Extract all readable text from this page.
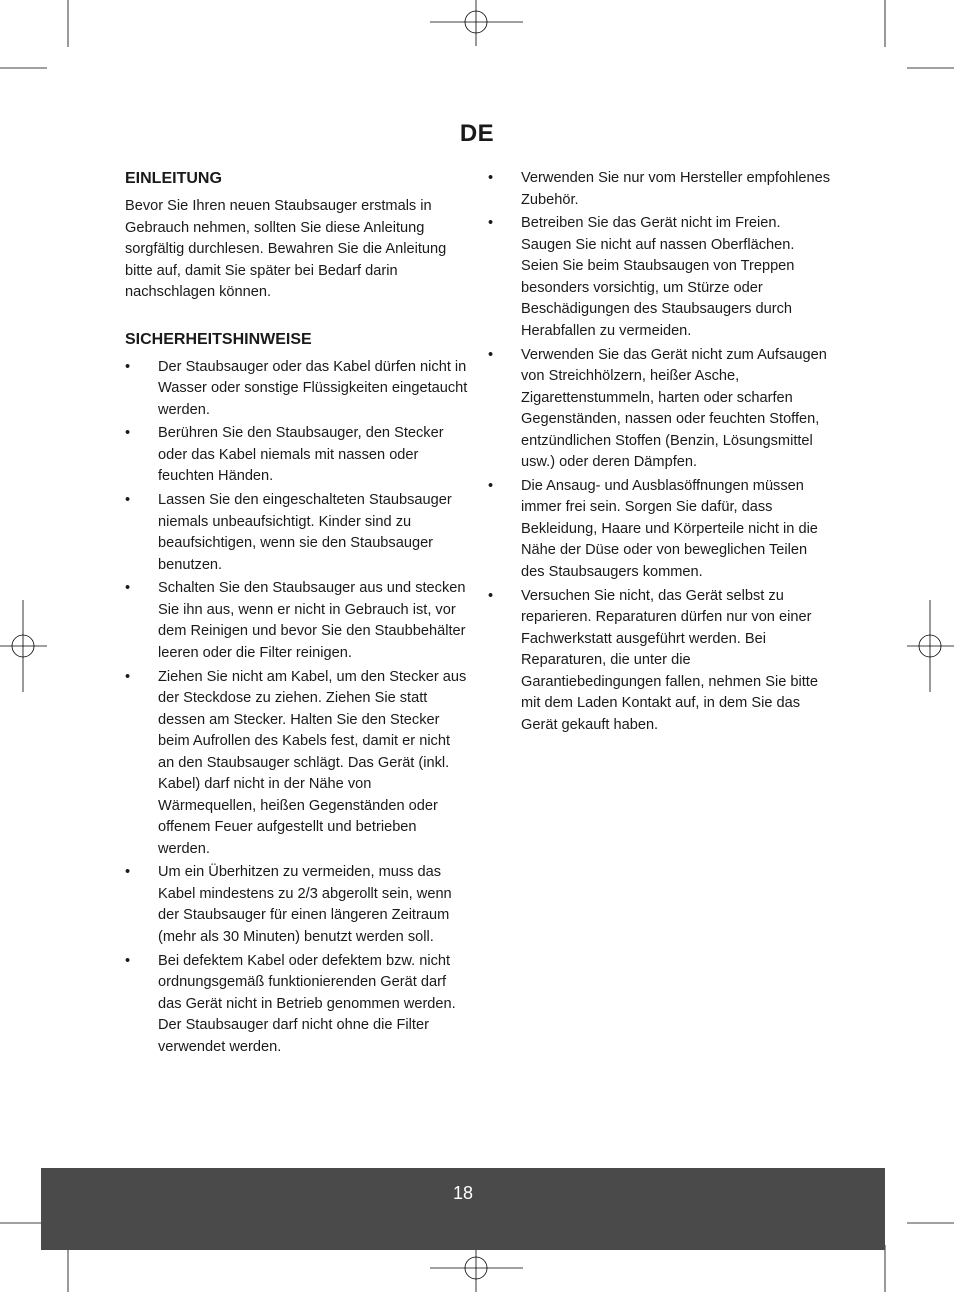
DE
EINLEITUNG

Bevor Sie Ihren neuen Staubsauger erstmals in Gebrauch nehmen, sollten Sie diese Anleitung sorgfältig durchlesen. Bewahren Sie die Anleitung bitte auf, damit Sie später bei Bedarf darin nachschlagen können.

SICHERHEITSHINWEISE
• Der Staubsauger oder das Kabel dürfen nicht in Wasser oder sonstige Flüssigkeiten eingetaucht werden.
• Berühren Sie den Staubsauger, den Stecker oder das Kabel niemals mit nassen oder feuchten Händen.
• Lassen Sie den eingeschalteten Staubsauger niemals unbeaufsichtigt. Kinder sind zu beaufsichtigen, wenn sie den Staubsauger benutzen.
• Schalten Sie den Staubsauger aus und stecken Sie ihn aus, wenn er nicht in Gebrauch ist, vor dem Reinigen und bevor Sie den Staubbehälter leeren oder die Filter reinigen.
• Ziehen Sie nicht am Kabel, um den Stecker aus der Steckdose zu ziehen. Ziehen Sie statt dessen am Stecker. Halten Sie den Stecker beim Aufrollen des Kabels fest, damit er nicht an den Staubsauger schlägt. Das Gerät (inkl. Kabel) darf nicht in der Nähe von Wärmequellen, heißen Gegenständen oder offenem Feuer aufgestellt und betrieben werden.
• Um ein Überhitzen zu vermeiden, muss das Kabel mindestens zu 2/3 abgerollt sein, wenn der Staubsauger für einen längeren Zeitraum (mehr als 30 Minuten) benutzt werden soll.
• Bei defektem Kabel oder defektem bzw. nicht ordnungsgemäß funktionierenden Gerät darf das Gerät nicht in Betrieb genommen werden. Der Staubsauger darf nicht ohne die Filter verwendet werden.
• Verwenden Sie nur vom Hersteller empfohlenes Zubehör.
• Betreiben Sie das Gerät nicht im Freien. Saugen Sie nicht auf nassen Oberflächen. Seien Sie beim Staubsaugen von Treppen besonders vorsichtig, um Stürze oder Beschädigungen des Staubsaugers durch Herabfallen zu vermeiden.
• Verwenden Sie das Gerät nicht zum Aufsaugen von Streichhölzern, heißer Asche, Zigarettenstummeln, harten oder scharfen Gegenständen, nassen oder feuchten Stoffen, entzündlichen Stoffen (Benzin, Lösungsmittel usw.) oder deren Dämpfen.
• Die Ansaug- und Ausblasöffnungen müssen immer frei sein. Sorgen Sie dafür, dass Bekleidung, Haare und Körperteile nicht in die Nähe der Düse oder von beweglichen Teilen des Staubsaugers kommen.
• Versuchen Sie nicht, das Gerät selbst zu reparieren. Reparaturen dürfen nur von einer Fachwerkstatt ausgeführt werden. Bei Reparaturen, die unter die Garantiebedingungen fallen, nehmen Sie bitte mit dem Laden Kontakt auf, in dem Sie das Gerät gekauft haben.
18
